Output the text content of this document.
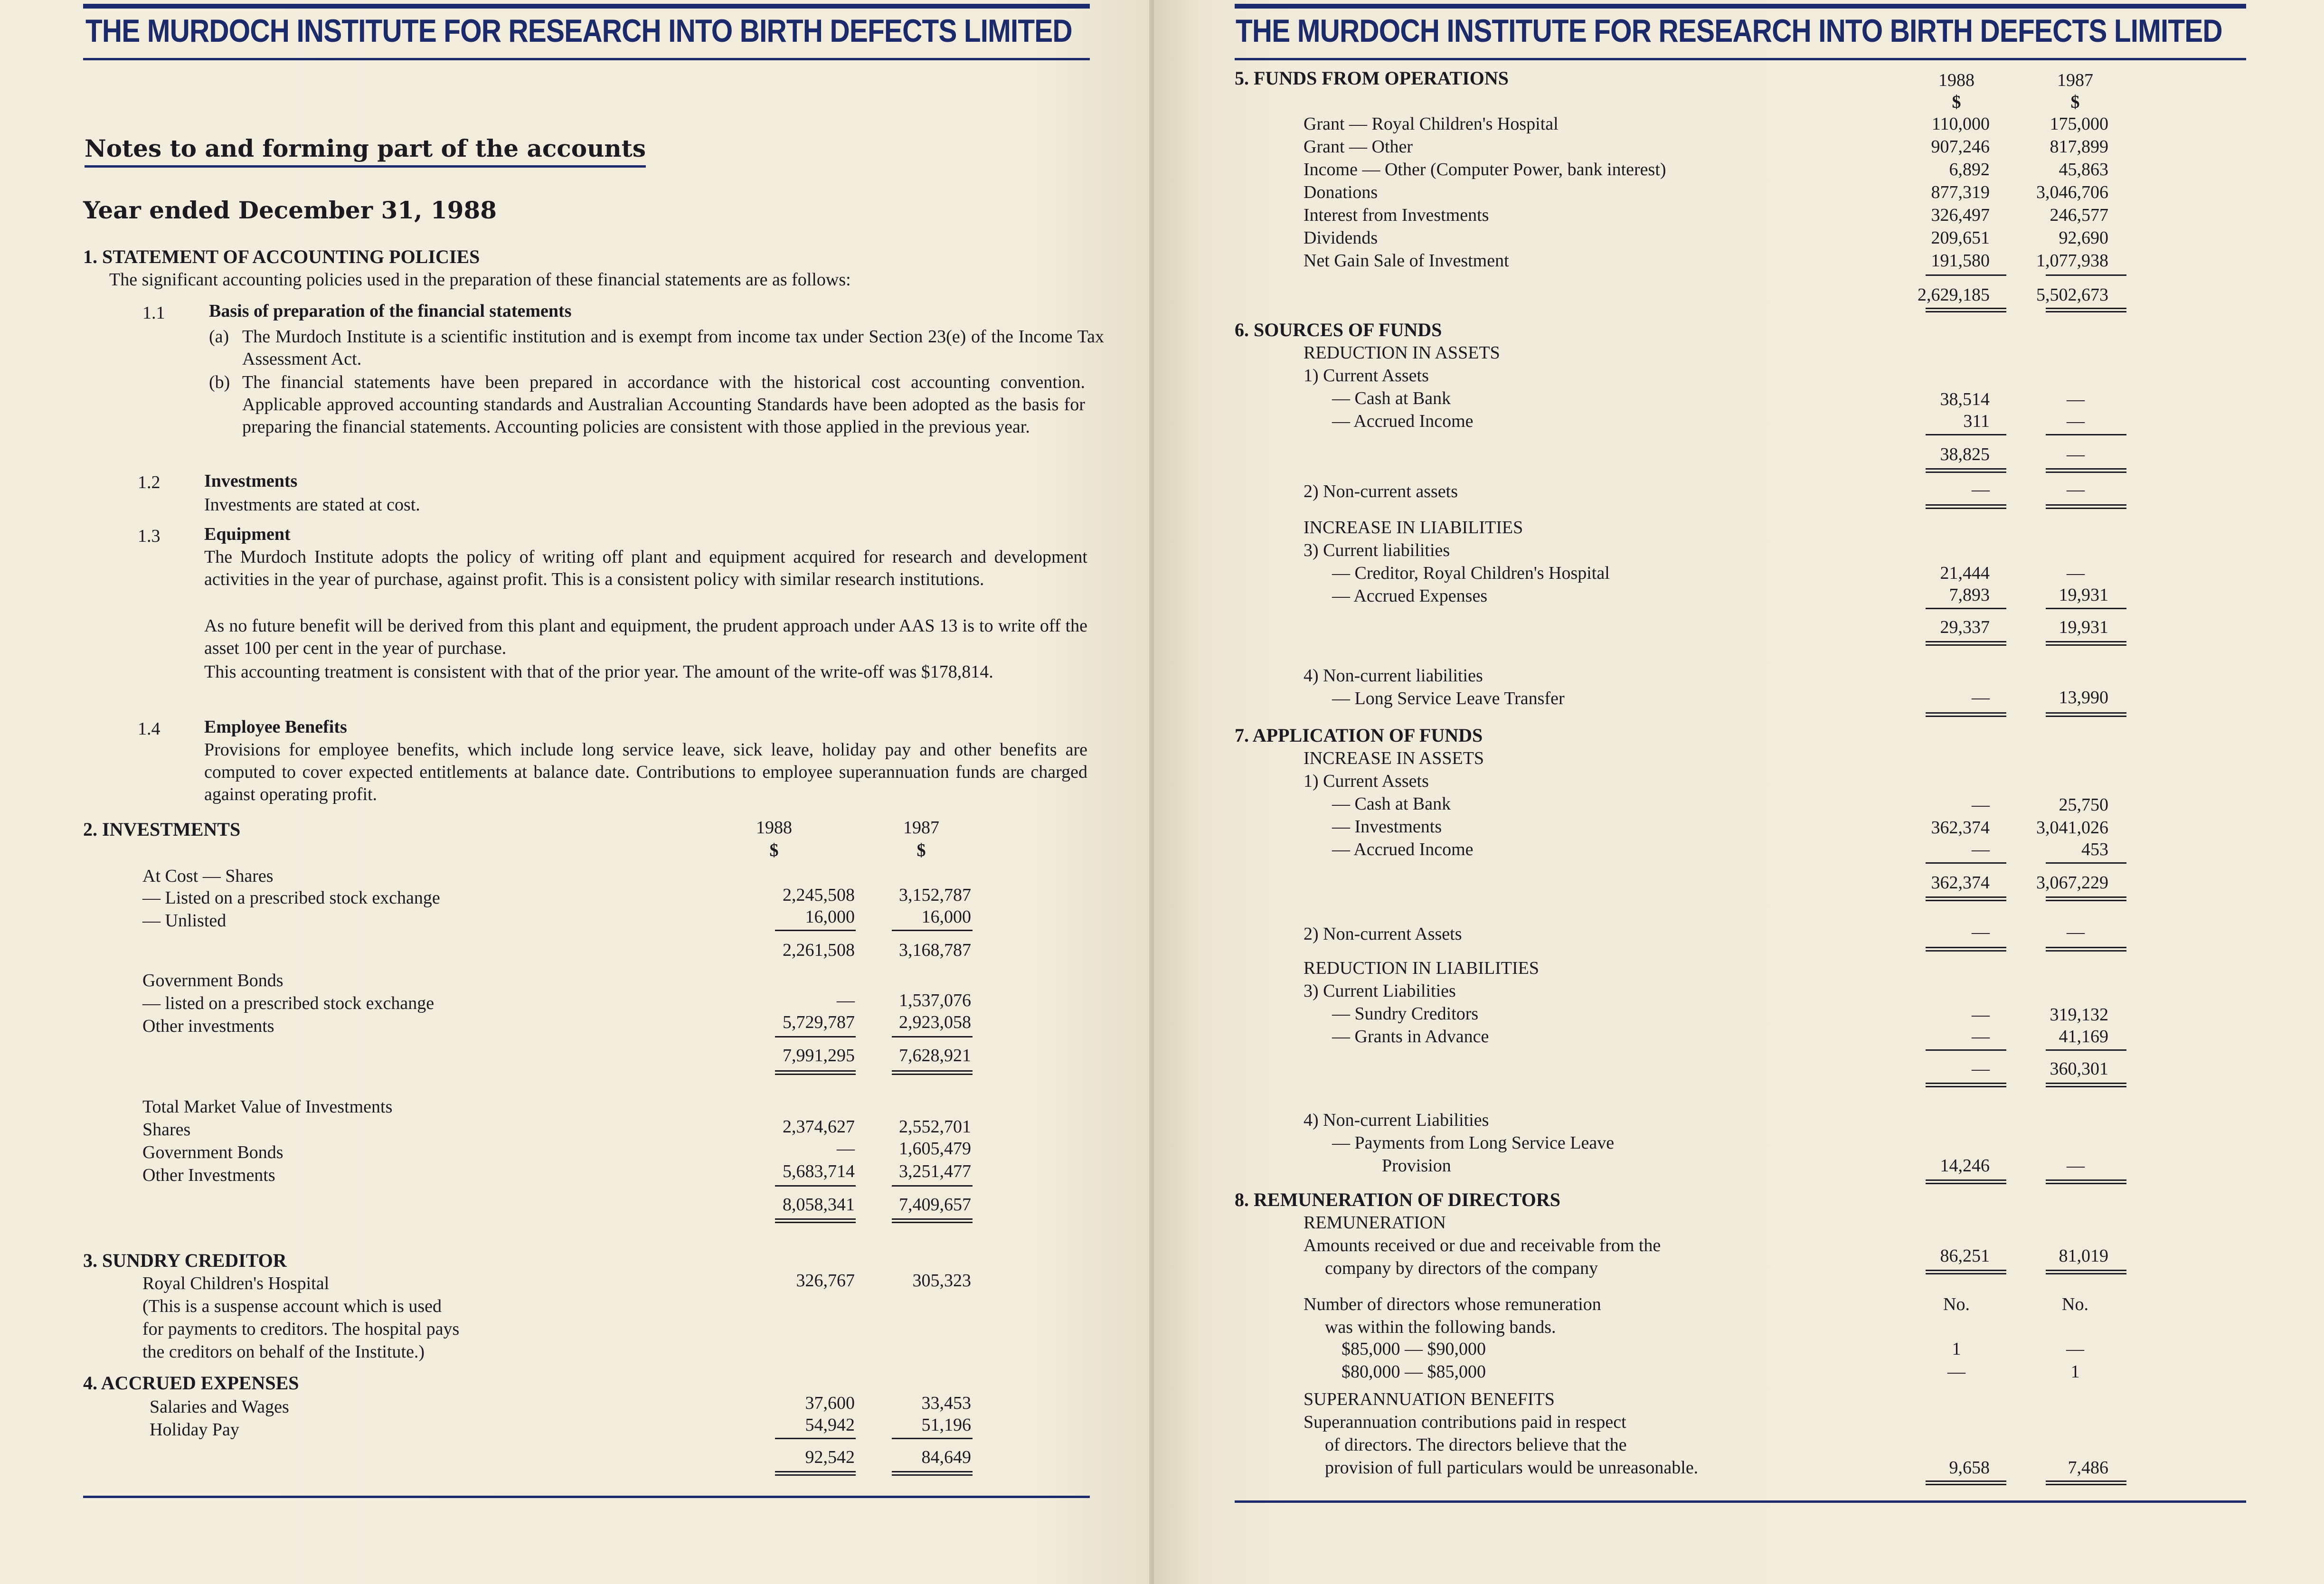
THE MURDOCH INSTITUTE FOR RESEARCH INTO BIRTH DEFECTS LIMITED
Notes to and forming part of the accounts
Year ended December 31, 1988
1. STATEMENT OF ACCOUNTING POLICIES
The significant accounting policies used in the preparation of these financial statements are as follows:
1.1 Basis of preparation of the financial statements
(a) The Murdoch Institute is a scientific institution and is exempt from income tax under Section 23(e) of the Income Tax Assessment Act.
(b) The financial statements have been prepared in accordance with the historical cost accounting convention. Applicable approved accounting standards and Australian Accounting Standards have been adopted as the basis for preparing the financial statements. Accounting policies are consistent with those applied in the previous year.
1.2 Investments
Investments are stated at cost.
1.3 Equipment
The Murdoch Institute adopts the policy of writing off plant and equipment acquired for research and development activities in the year of purchase, against profit. This is a consistent policy with similar research institutions.
As no future benefit will be derived from this plant and equipment, the prudent approach under AAS 13 is to write off the asset 100 per cent in the year of purchase.
This accounting treatment is consistent with that of the prior year. The amount of the write-off was $178,814.
1.4 Employee Benefits
Provisions for employee benefits, which include long service leave, sick leave, holiday pay and other benefits are computed to cover expected entitlements at balance date. Contributions to employee superannuation funds are charged against operating profit.
2. INVESTMENTS	1988	1987
$	$
At Cost — Shares
— Listed on a prescribed stock exchange	2,245,508	3,152,787
— Unlisted	16,000	16,000
2,261,508	3,168,787
Government Bonds
— listed on a prescribed stock exchange	—	1,537,076
Other investments	5,729,787	2,923,058
7,991,295	7,628,921
Total Market Value of Investments
Shares	2,374,627	2,552,701
Government Bonds	—	1,605,479
Other Investments	5,683,714	3,251,477
8,058,341	7,409,657
3. SUNDRY CREDITOR
Royal Children's Hospital	326,767	305,323
(This is a suspense account which is used
for payments to creditors. The hospital pays
the creditors on behalf of the Institute.)
4. ACCRUED EXPENSES
Salaries and Wages	37,600	33,453
Holiday Pay	54,942	51,196
92,542	84,649
THE MURDOCH INSTITUTE FOR RESEARCH INTO BIRTH DEFECTS LIMITED
5. FUNDS FROM OPERATIONS	1988	1987
$	$
Grant — Royal Children's Hospital	110,000	175,000
Grant — Other	907,246	817,899
Income — Other (Computer Power, bank interest)	6,892	45,863
Donations	877,319	3,046,706
Interest from Investments	326,497	246,577
Dividends	209,651	92,690
Net Gain Sale of Investment	191,580	1,077,938
2,629,185	5,502,673
6. SOURCES OF FUNDS
REDUCTION IN ASSETS
1) Current Assets
— Cash at Bank	38,514	—
— Accrued Income	311	—
38,825	—
2) Non-current assets	—	—
INCREASE IN LIABILITIES
3) Current liabilities
— Creditor, Royal Children's Hospital	21,444	—
— Accrued Expenses	7,893	19,931
29,337	19,931
4) Non-current liabilities
— Long Service Leave Transfer	—	13,990
7. APPLICATION OF FUNDS
INCREASE IN ASSETS
1) Current Assets
— Cash at Bank	—	25,750
— Investments	362,374	3,041,026
— Accrued Income	—	453
362,374	3,067,229
2) Non-current Assets	—	—
REDUCTION IN LIABILITIES
3) Current Liabilities
— Sundry Creditors	—	319,132
— Grants in Advance	—	41,169
—	360,301
4) Non-current Liabilities
— Payments from Long Service Leave
Provision	14,246	—
8. REMUNERATION OF DIRECTORS
REMUNERATION
Amounts received or due and receivable from the
company by directors of the company
86,251	81,019
Number of directors whose remuneration
was within the following bands.
No.	No.
$85,000 — $90,000	1	—
$80,000 — $85,000	—	1
SUPERANNUATION BENEFITS
Superannuation contributions paid in respect
of directors. The directors believe that the
provision of full particulars would be unreasonable.	9,658	7,486
